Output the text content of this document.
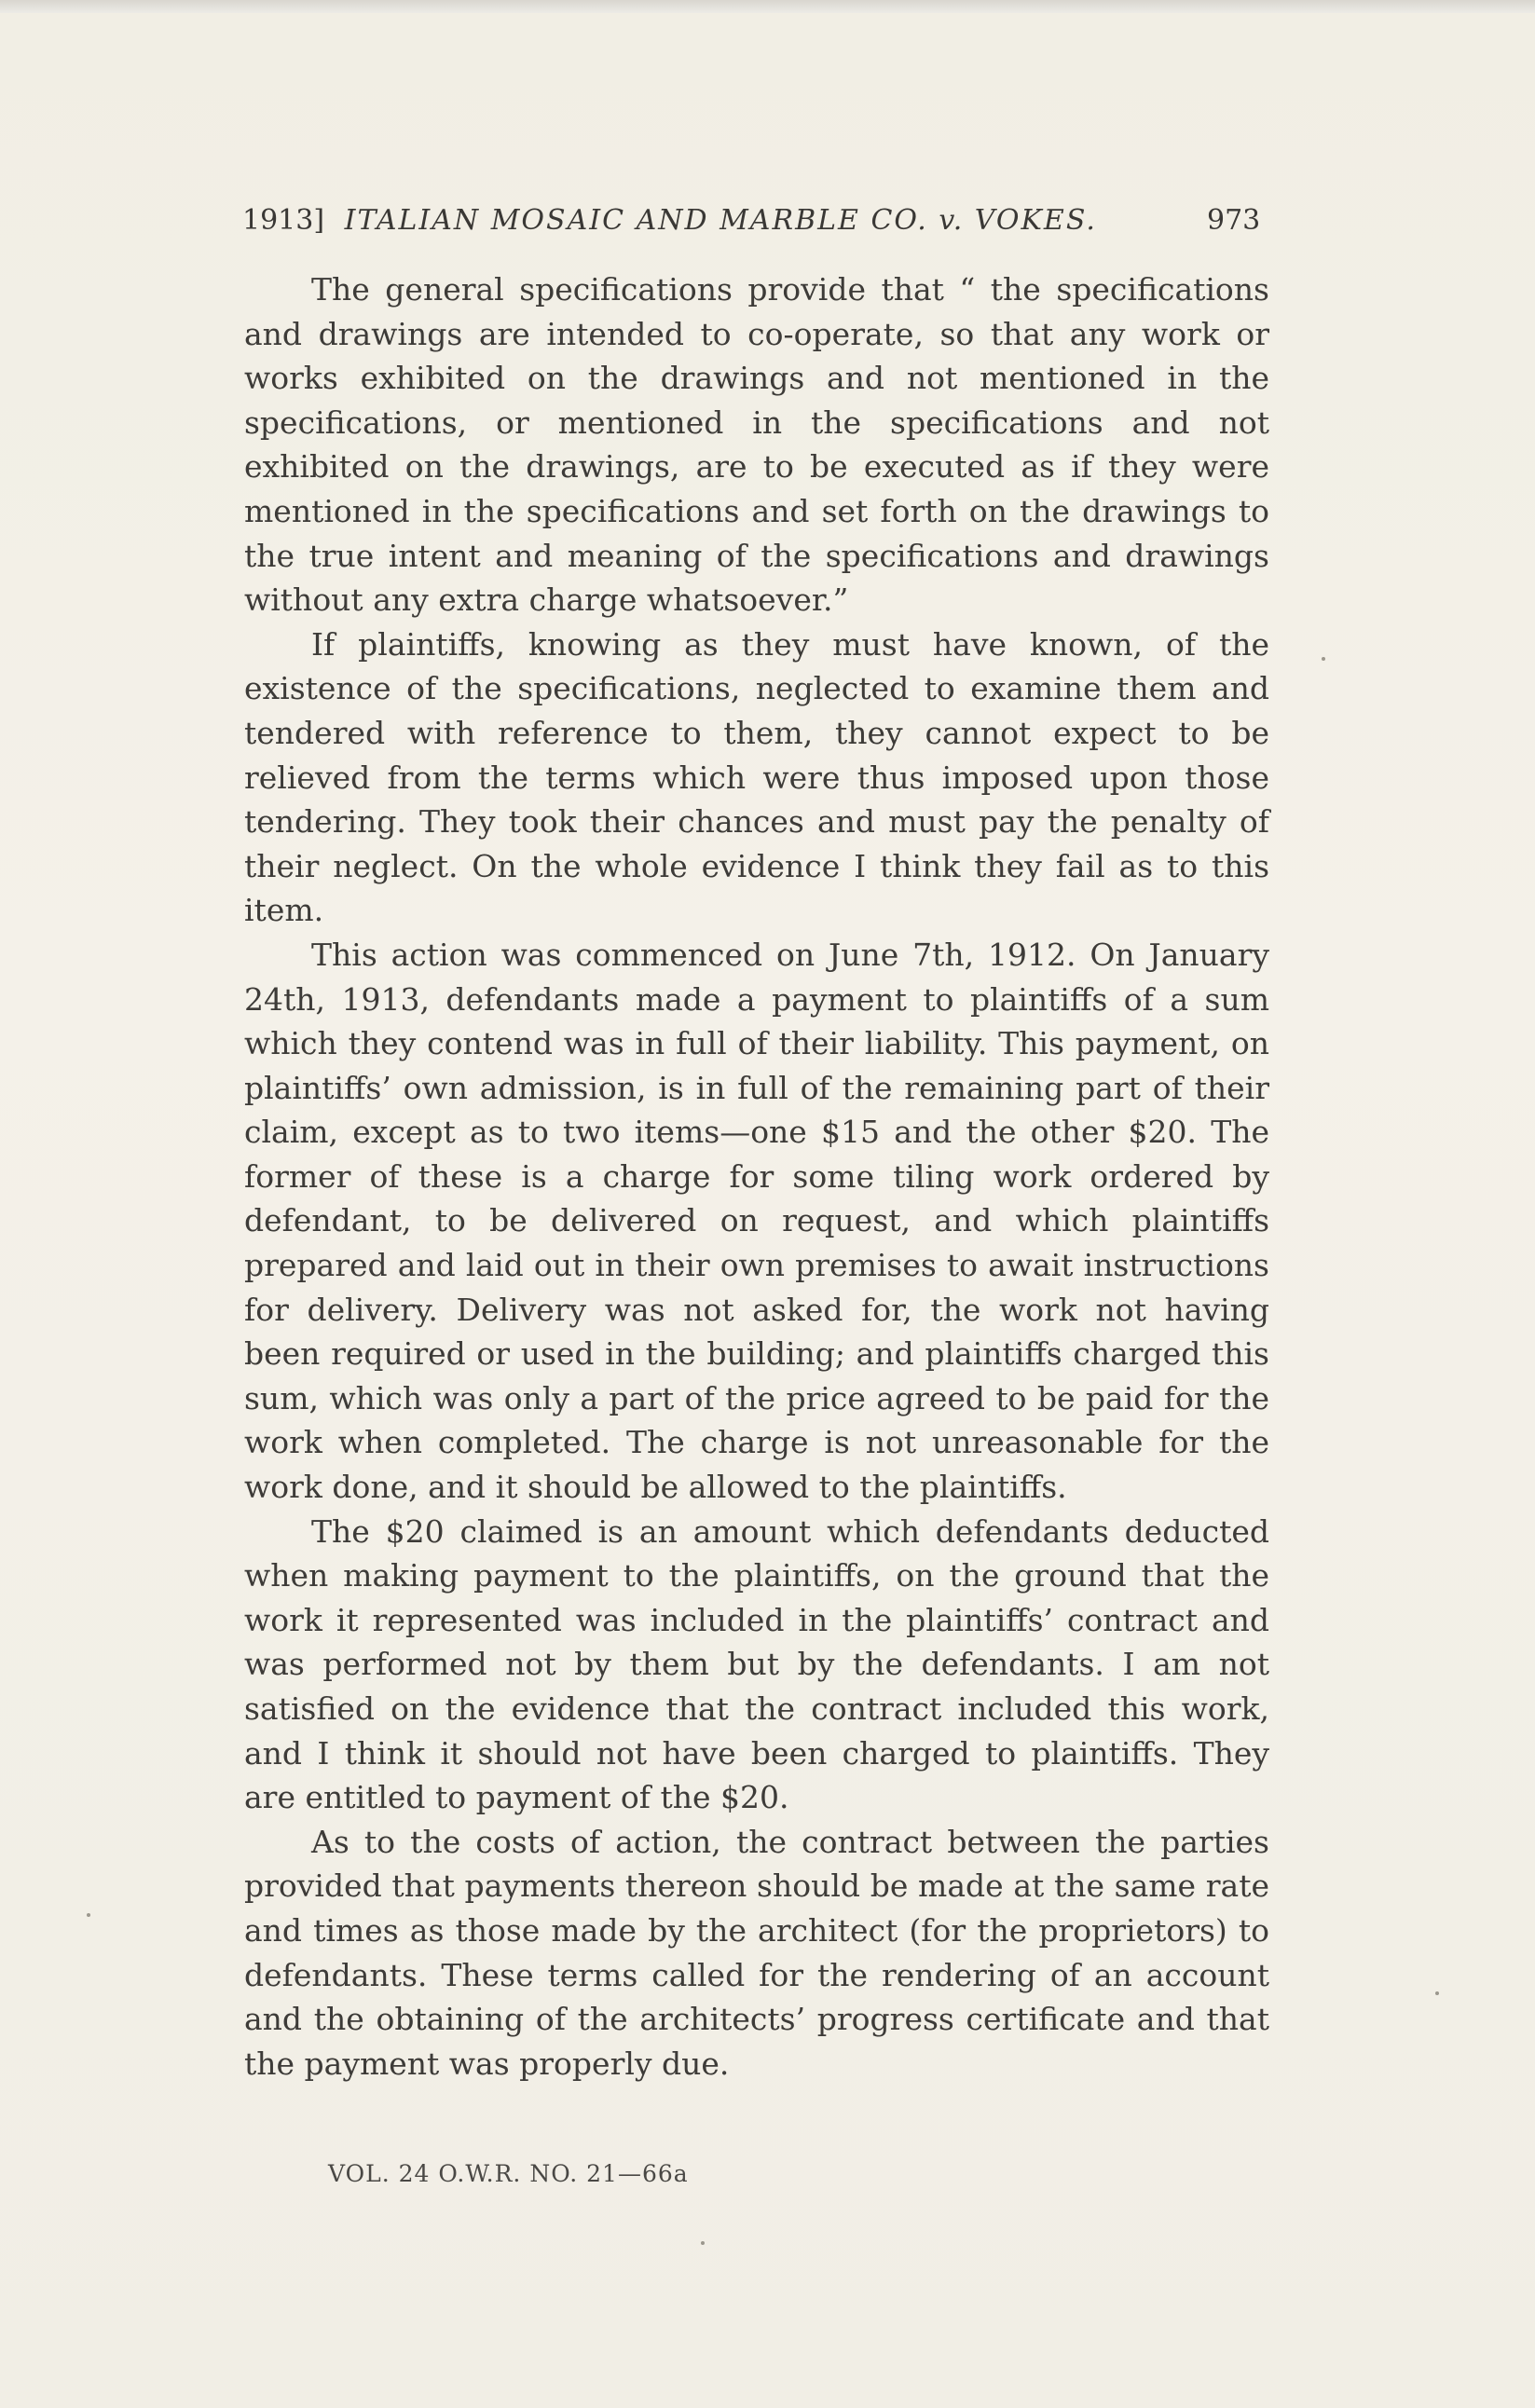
1913] ITALIAN MOSAIC AND MARBLE CO. v. VOKES.	973

The general specifications provide that “ the specifications and drawings are intended to co-operate, so that any work or works exhibited on the drawings and not mentioned in the specifications, or mentioned in the specifications and not exhibited on the drawings, are to be executed as if they were mentioned in the specifications and set forth on the drawings to the true intent and meaning of the specifications and drawings without any extra charge whatsoever.”

If plaintiffs, knowing as they must have known, of the existence of the specifications, neglected to examine them and tendered with reference to them, they cannot expect to be relieved from the terms which were thus imposed upon those tendering. They took their chances and must pay the penalty of their neglect. On the whole evidence I think they fail as to this item.

This action was commenced on June 7th, 1912. On January 24th, 1913, defendants made a payment to plaintiffs of a sum which they contend was in full of their liability. This payment, on plaintiffs’ own admission, is in full of the remaining part of their claim, except as to two items—one $15 and the other $20. The former of these is a charge for some tiling work ordered by defendant, to be delivered on request, and which plaintiffs prepared and laid out in their own premises to await instructions for delivery. Delivery was not asked for, the work not having been required or used in the building; and plaintiffs charged this sum, which was only a part of the price agreed to be paid for the work when completed. The charge is not unreasonable for the work done, and it should be allowed to the plaintiffs.

The $20 claimed is an amount which defendants deducted when making payment to the plaintiffs, on the ground that the work it represented was included in the plaintiffs’ contract and was performed not by them but by the defendants. I am not satisfied on the evidence that the contract included this work, and I think it should not have been charged to plaintiffs. They are entitled to payment of the $20.

As to the costs of action, the contract between the parties provided that payments thereon should be made at the same rate and times as those made by the architect (for the proprietors) to defendants. These terms called for the rendering of an account and the obtaining of the architects’ progress certificate and that the payment was properly due.

VOL. 24 O.W.R. NO. 21—66a
